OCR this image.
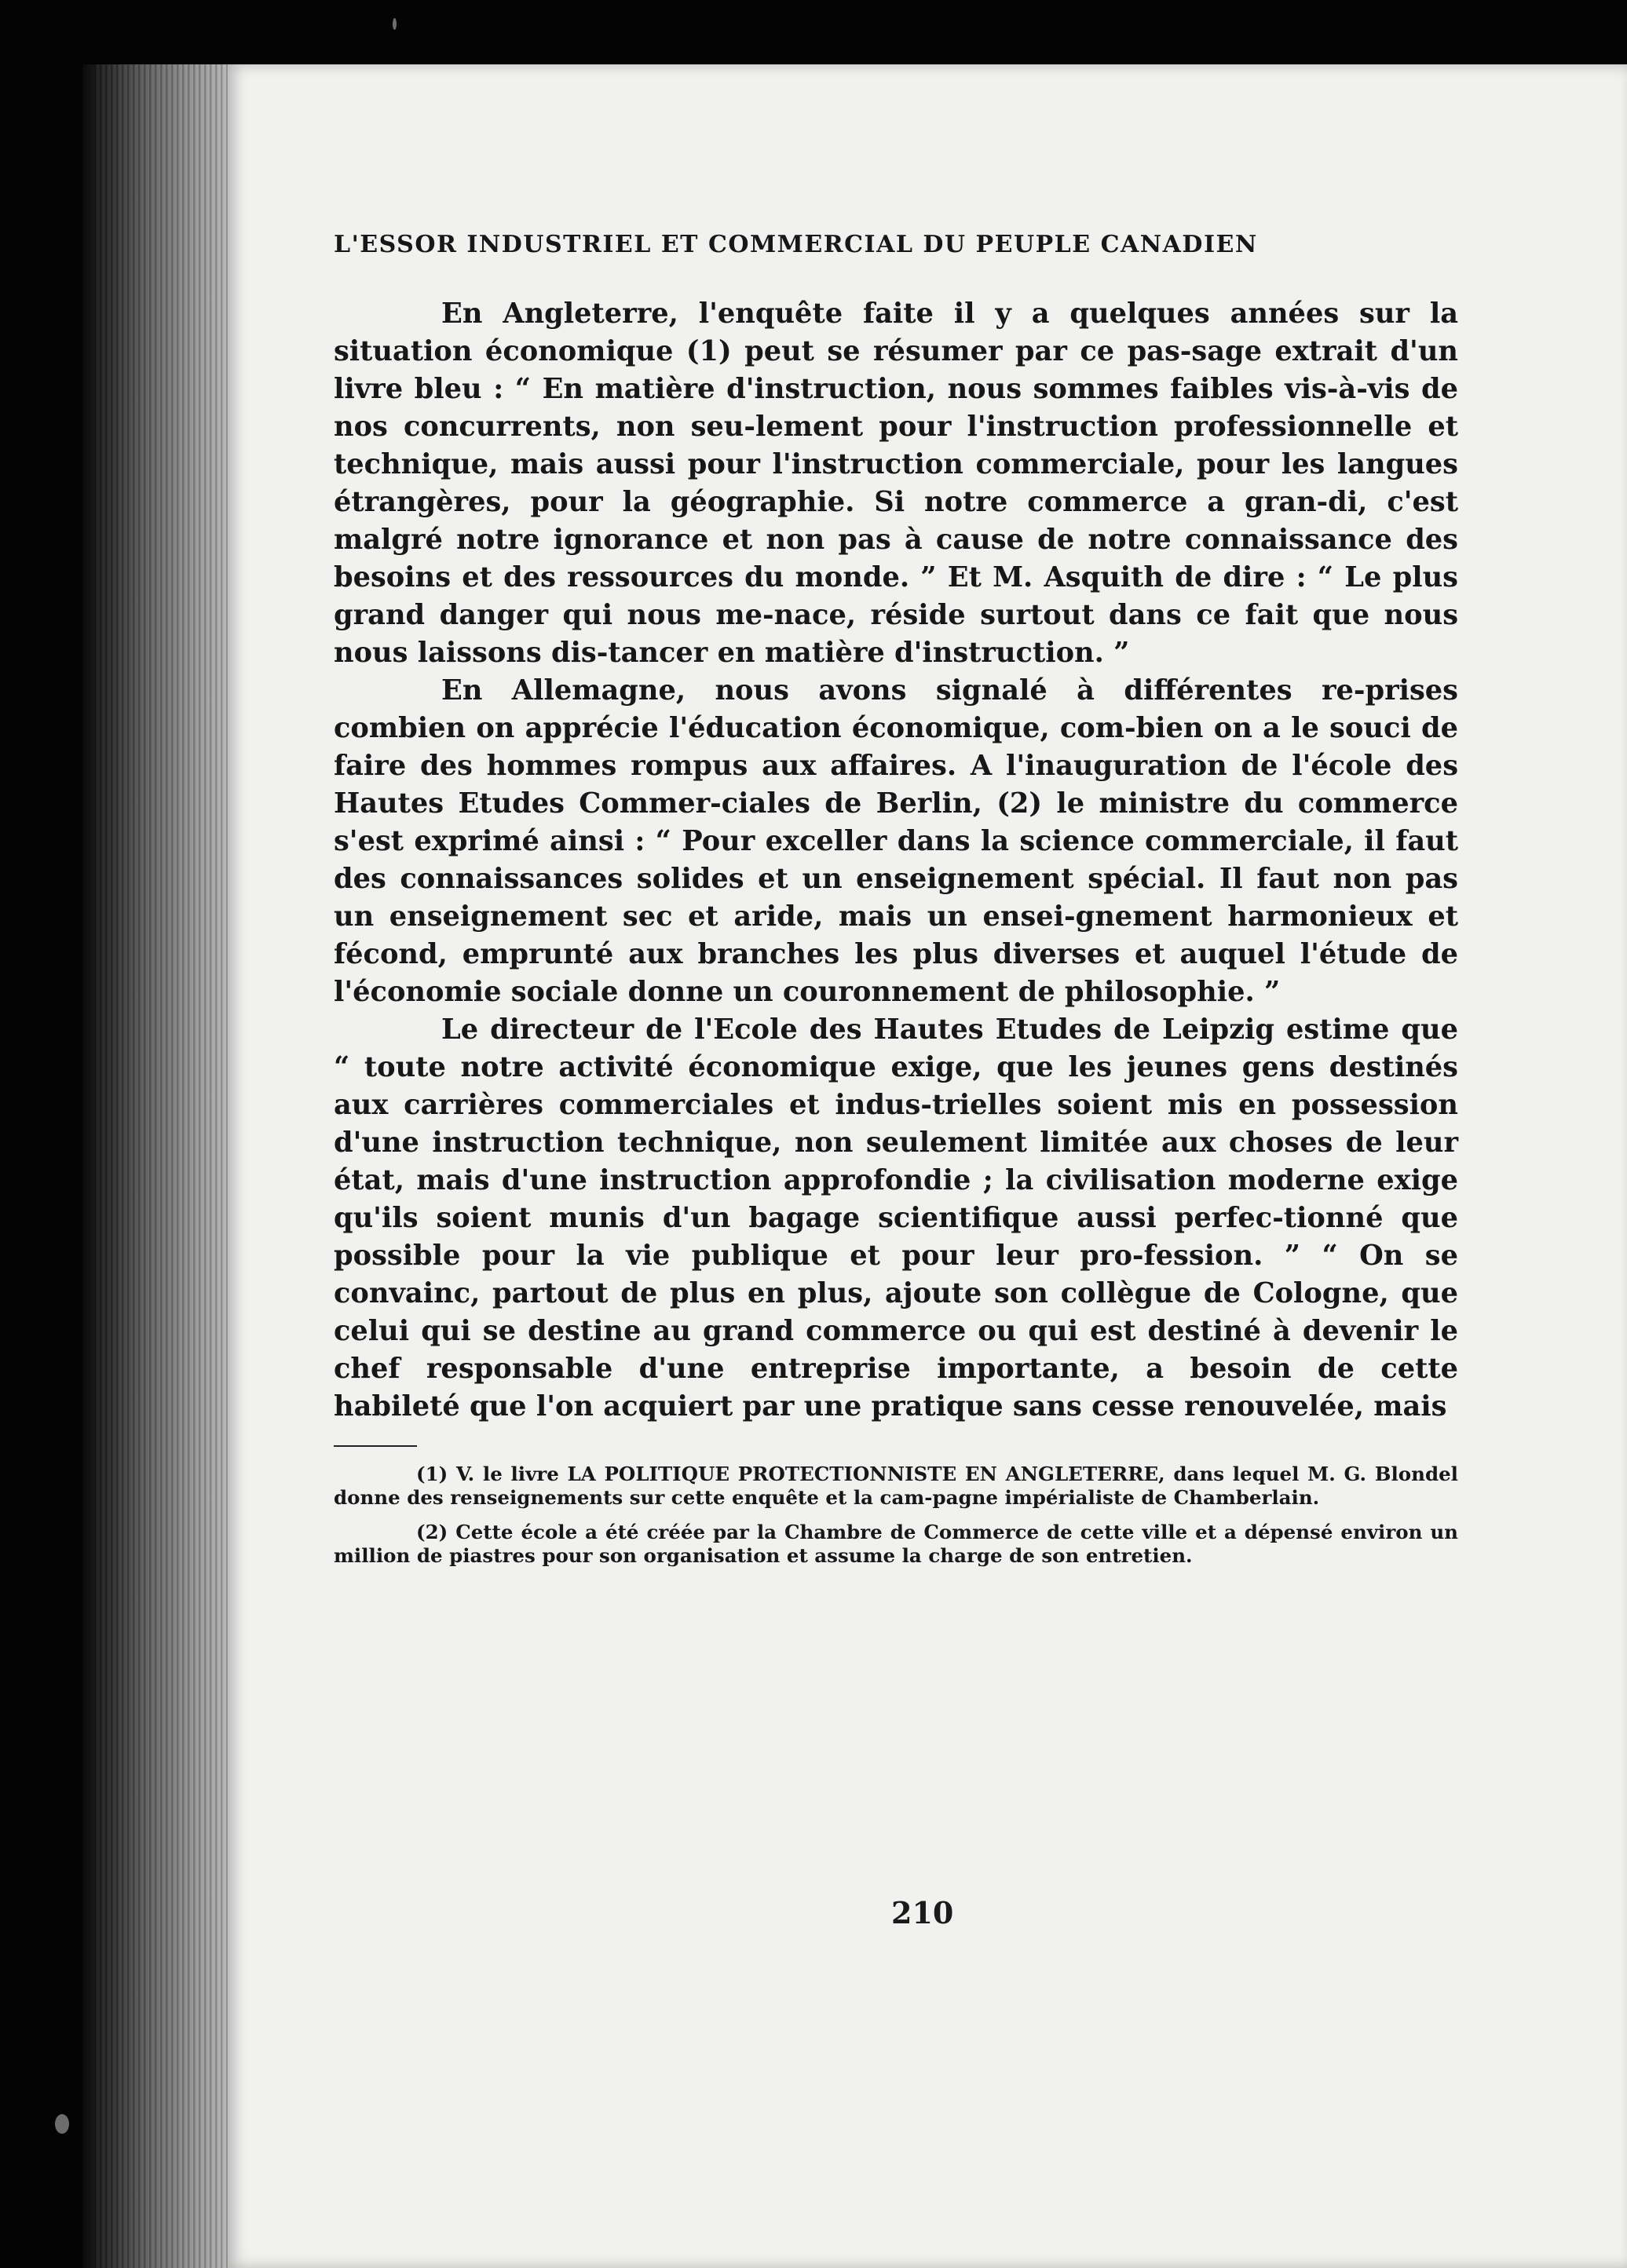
L'ESSOR INDUSTRIEL ET COMMERCIAL DU PEUPLE CANADIEN

En Angleterre, l'enquête faite il y a quelques années sur la situation économique (1) peut se résumer par ce pas-sage extrait d'un livre bleu : “ En matière d'instruction, nous sommes faibles vis-à-vis de nos concurrents, non seu-lement pour l'instruction professionnelle et technique, mais aussi pour l'instruction commerciale, pour les langues étrangères, pour la géographie. Si notre commerce a gran-di, c'est malgré notre ignorance et non pas à cause de notre connaissance des besoins et des ressources du monde. ” Et M. Asquith de dire : “ Le plus grand danger qui nous me-nace, réside surtout dans ce fait que nous nous laissons dis-tancer en matière d'instruction. ”

En Allemagne, nous avons signalé à différentes re-prises combien on apprécie l'éducation économique, com-bien on a le souci de faire des hommes rompus aux affaires. A l'inauguration de l'école des Hautes Etudes Commer-ciales de Berlin, (2) le ministre du commerce s'est exprimé ainsi : “ Pour exceller dans la science commerciale, il faut des connaissances solides et un enseignement spécial. Il faut non pas un enseignement sec et aride, mais un ensei-gnement harmonieux et fécond, emprunté aux branches les plus diverses et auquel l'étude de l'économie sociale donne un couronnement de philosophie. ”

Le directeur de l'Ecole des Hautes Etudes de Leipzig estime que “ toute notre activité économique exige, que les jeunes gens destinés aux carrières commerciales et indus-trielles soient mis en possession d'une instruction technique, non seulement limitée aux choses de leur état, mais d'une instruction approfondie ; la civilisation moderne exige qu'ils soient munis d'un bagage scientifique aussi perfec-tionné que possible pour la vie publique et pour leur pro-fession. ” “ On se convainc, partout de plus en plus, ajoute son collègue de Cologne, que celui qui se destine au grand commerce ou qui est destiné à devenir le chef responsable d'une entreprise importante, a besoin de cette habileté que l'on acquiert par une pratique sans cesse renouvelée, mais

(1) V. le livre LA POLITIQUE PROTECTIONNISTE EN ANGLETERRE, dans lequel M. G. Blondel donne des renseignements sur cette enquête et la cam-pagne impérialiste de Chamberlain.

(2) Cette école a été créée par la Chambre de Commerce de cette ville et a dépensé environ un million de piastres pour son organisation et assume la charge de son entretien.

210
